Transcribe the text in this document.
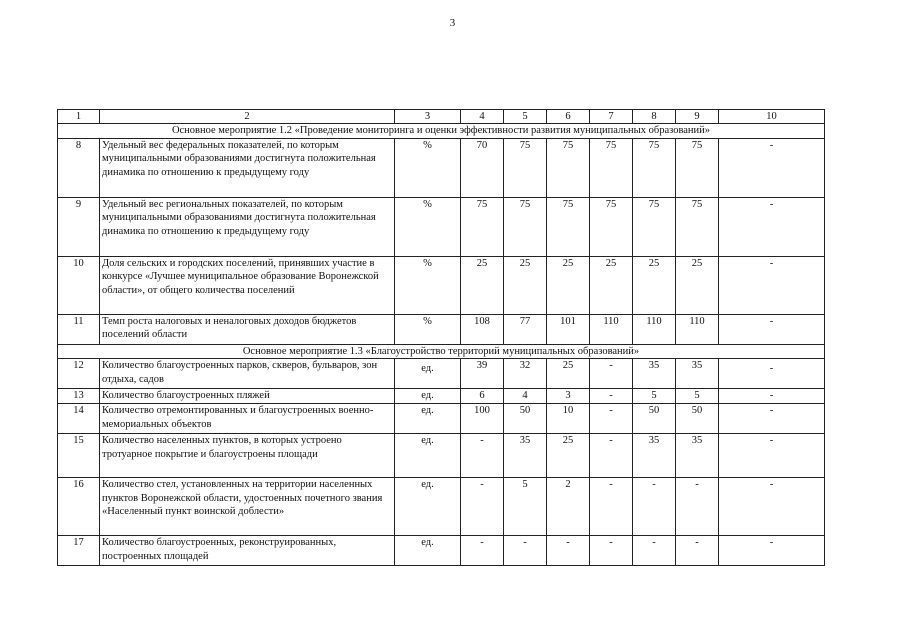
3
1	2	3	4	5	6	7	8	9	10
Основное мероприятие 1.2 «Проведение мониторинга и оценки эффективности развития муниципальных образований»									
8	Удельный вес федеральных показателей, по которым муниципальными образованиями достигнута положительная динамика по отношению к предыдущему году	%	70	75	75	75	75	75	-
9	Удельный вес региональных показателей, по которым муниципальными образованиями достигнута положительная динамика по отношению к предыдущему году	%	75	75	75	75	75	75	-
10	Доля сельских и городских поселений, принявших участие в конкурсе «Лучшее муниципальное образование Воронежской области», от общего количества поселений	%	25	25	25	25	25	25	-
11	Темп роста налоговых и неналоговых доходов бюджетов поселений области	%	108	77	101	110	110	110	-
Основное мероприятие 1.3 «Благоустройство территорий муниципальных образований»									
12	Количество благоустроенных парков, скверов, бульваров, зон отдыха, садов	ед.	39	32	25	-	35	35	-
13	Количество благоустроенных пляжей	ед.	6	4	3	-	5	5	-
14	Количество отремонтированных и благоустроенных военно-мемориальных объектов	ед.	100	50	10	-	50	50	-
15	Количество населенных пунктов, в которых устроено тротуарное покрытие и благоустроены площади	ед.	-	35	25	-	35	35	-
16	Количество стел, установленных на территории населенных пунктов Воронежской области, удостоенных почетного звания «Населенный пункт воинской доблести»	ед.	-	5	2	-	-	-	-
17	Количество благоустроенных, реконструированных, построенных площадей	ед.	-	-	-	-	-	-	-
